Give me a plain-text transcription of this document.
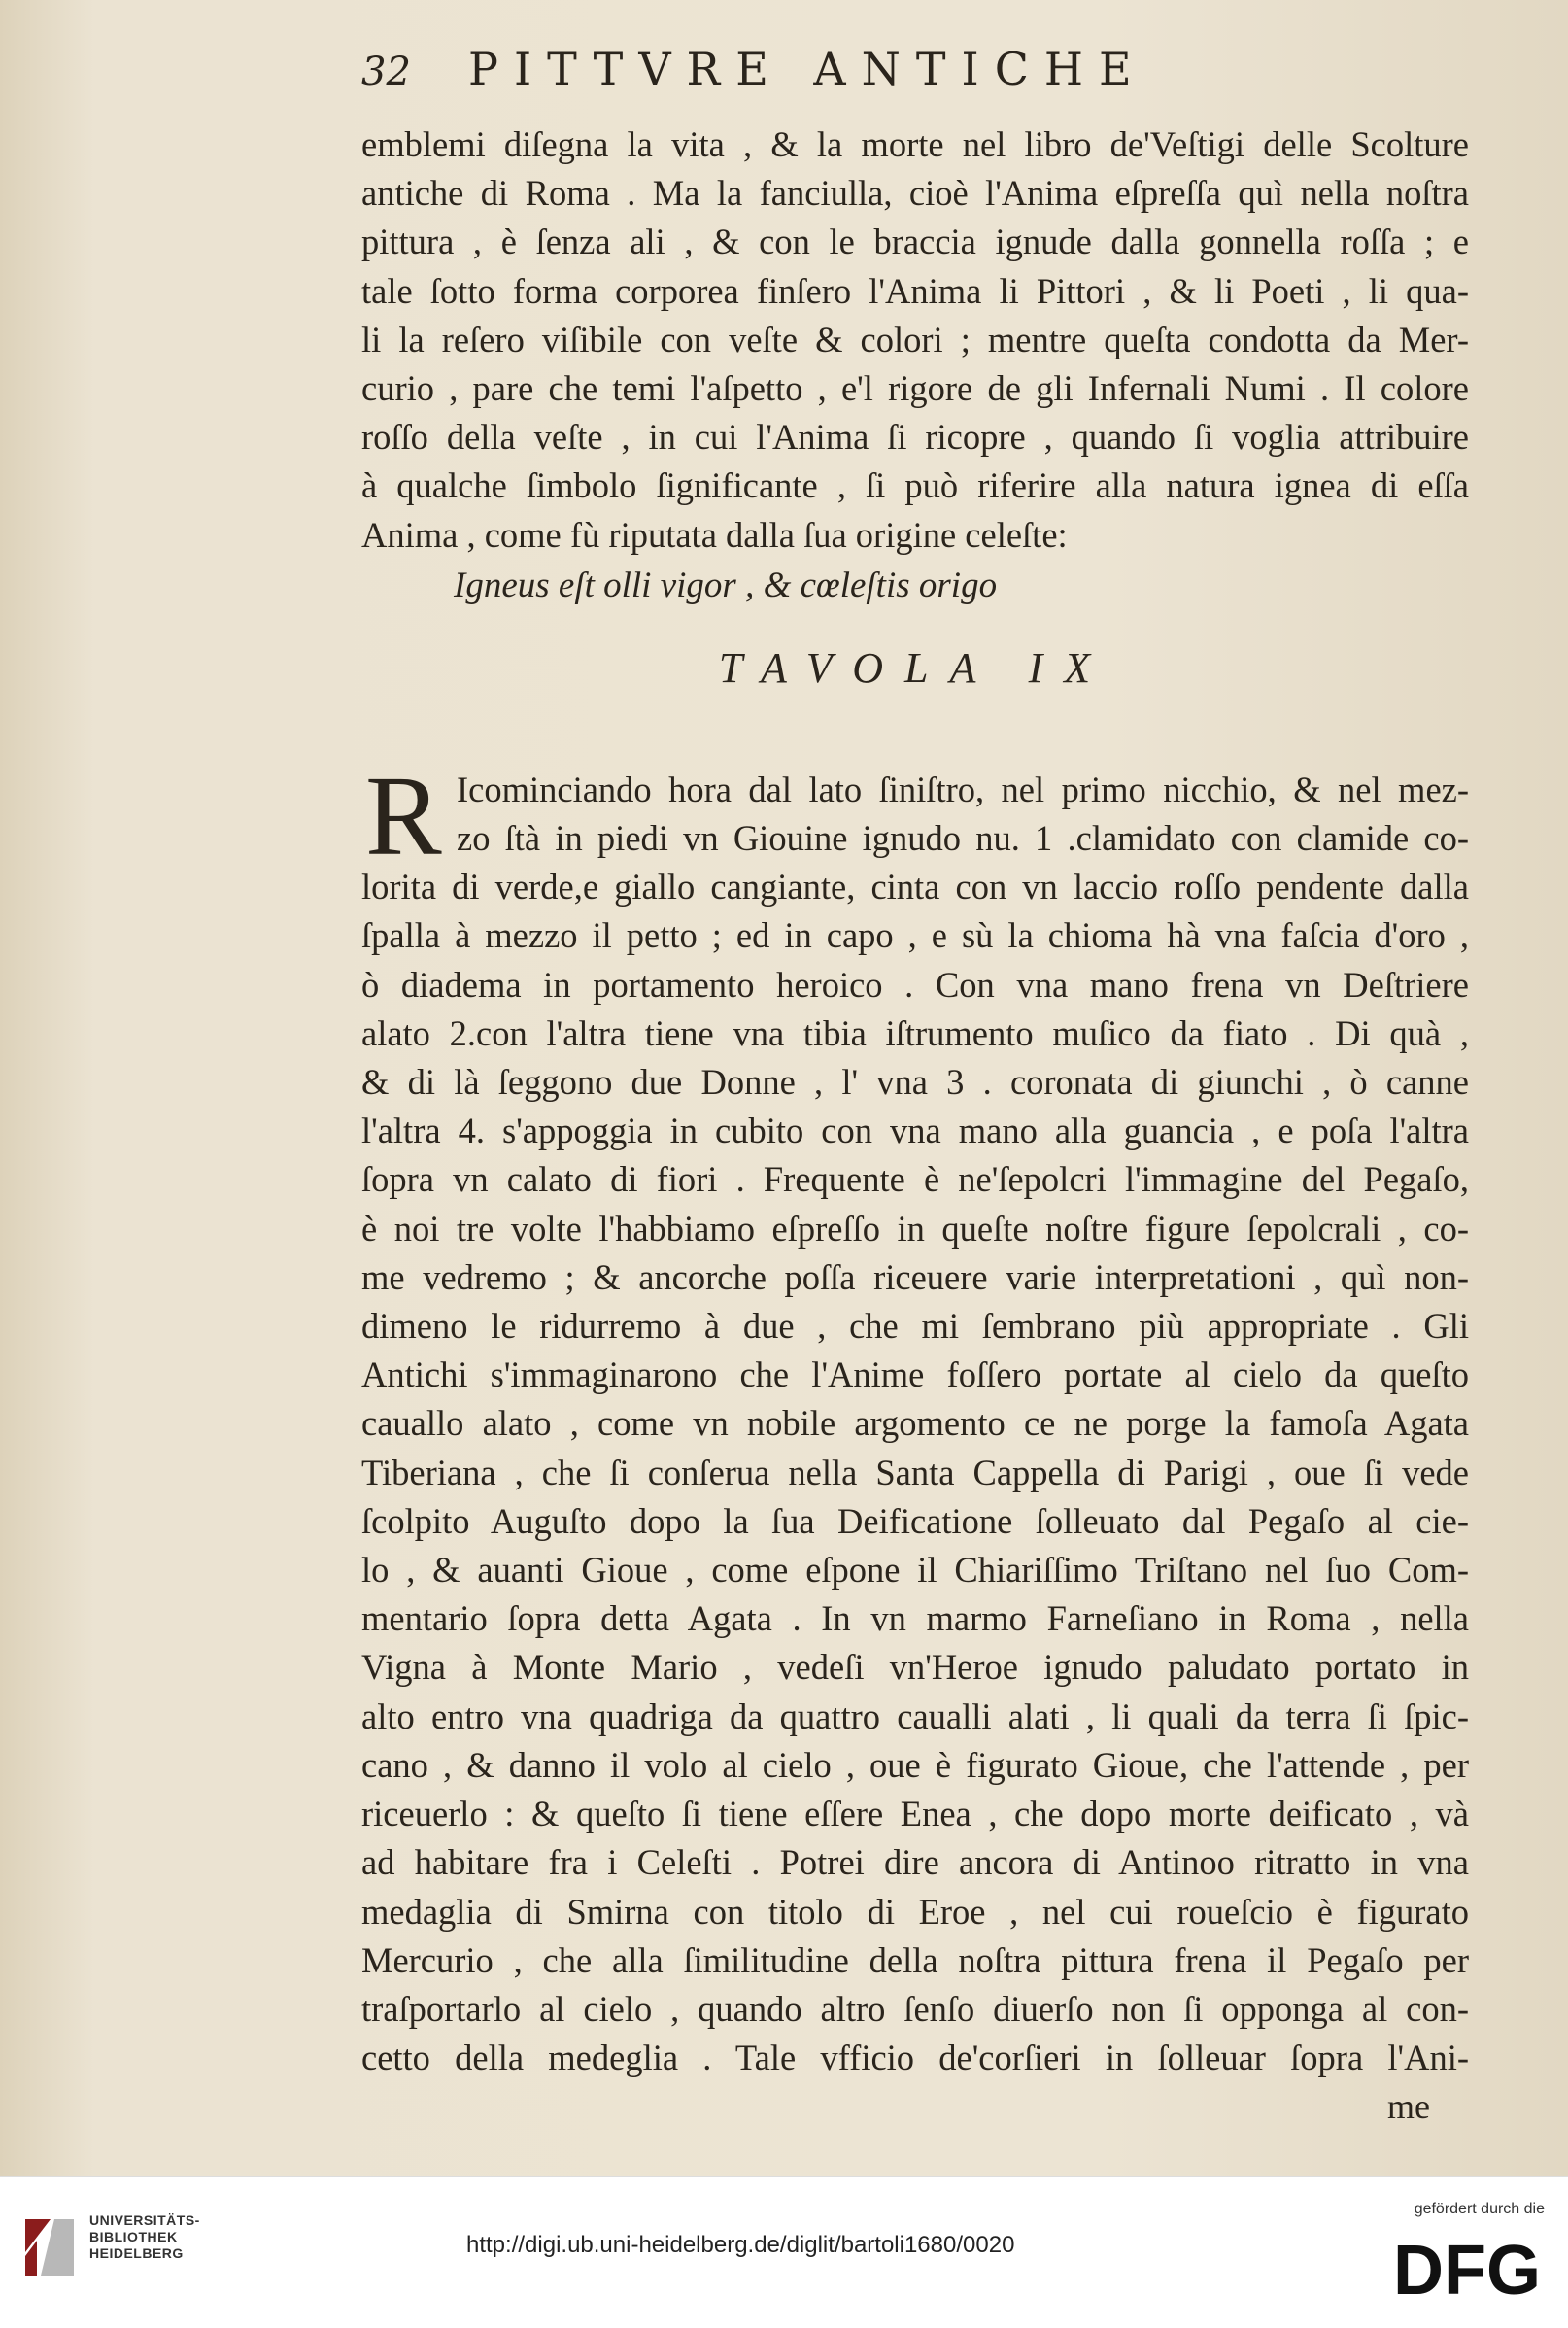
32	PITTVRE ANTICHE
emblemi diſegna la vita , & la morte nel libro de'Veſtigi delle Scolture
antiche di Roma . Ma la fanciulla, cioè l'Anima eſpreſſa quì nella noſtra
pittura , è ſenza ali , & con le braccia ignude dalla gonnella roſſa ; e
tale ſotto forma corporea finſero l'Anima li Pittori , & li Poeti , li qua-
li la reſero viſibile con veſte & colori ; mentre queſta condotta da Mer-
curio , pare che temi l'aſpetto , e'l rigore de gli Infernali Numi . Il colore
roſſo della veſte , in cui l'Anima ſi ricopre , quando ſi voglia attribuire
à qualche ſimbolo ſignificante , ſi può riferire alla natura ignea di eſſa
Anima , come fù riputata dalla ſua origine celeſte:
Igneus eſt olli vigor , & cœleſtis origo
TAVOLA IX
R Icominciando hora dal lato ſiniſtro, nel primo nicchio, & nel mez-
zo ſtà in piedi vn Giouine ignudo nu. 1 .clamidato con clamide co-
lorita di verde,e giallo cangiante, cinta con vn laccio roſſo pendente dalla
ſpalla à mezzo il petto ; ed in capo , e sù la chioma hà vna faſcia d'oro ,
ò diadema in portamento heroico . Con vna mano frena vn Deſtriere
alato 2.con l'altra tiene vna tibia iſtrumento muſico da fiato . Di quà ,
& di là ſeggono due Donne , l' vna 3 . coronata di giunchi , ò canne
l'altra 4. s'appoggia in cubito con vna mano alla guancia , e poſa l'altra
ſopra vn calato di fiori . Frequente è ne'ſepolcri l'immagine del Pegaſo,
è noi tre volte l'habbiamo eſpreſſo in queſte noſtre figure ſepolcrali , co-
me vedremo ; & ancorche poſſa riceuere varie interpretationi , quì non-
dimeno le ridurremo à due , che mi ſembrano più appropriate . Gli
Antichi s'immaginarono che l'Anime foſſero portate al cielo da queſto
cauallo alato , come vn nobile argomento ce ne porge la famoſa Agata
Tiberiana , che ſi conſerua nella Santa Cappella di Parigi , oue ſi vede
ſcolpito Auguſto dopo la ſua Deificatione ſolleuato dal Pegaſo al cie-
lo , & auanti Gioue , come eſpone il Chiariſſimo Triſtano nel ſuo Com-
mentario ſopra detta Agata . In vn marmo Farneſiano in Roma , nella
Vigna à Monte Mario , vedeſi vn'Heroe ignudo paludato portato in
alto entro vna quadriga da quattro caualli alati , li quali da terra ſi ſpic-
cano , & danno il volo al cielo , oue è figurato Gioue, che l'attende , per
riceuerlo : & queſto ſi tiene eſſere Enea , che dopo morte deificato , và
ad habitare fra i Celeſti . Potrei dire ancora di Antinoo ritratto in vna
medaglia di Smirna con titolo di Eroe , nel cui roueſcio è figurato
Mercurio , che alla ſimilitudine della noſtra pittura frena il Pegaſo per
traſportarlo al cielo , quando altro ſenſo diuerſo non ſi opponga al con-
cetto della medeglia . Tale vfficio de'corſieri in ſolleuar ſopra l'Ani-
me
UNIVERSITÄTS-
BIBLIOTHEK
HEIDELBERG	http://digi.ub.uni-heidelberg.de/diglit/bartoli1680/0020
gefördert durch die
DFG
